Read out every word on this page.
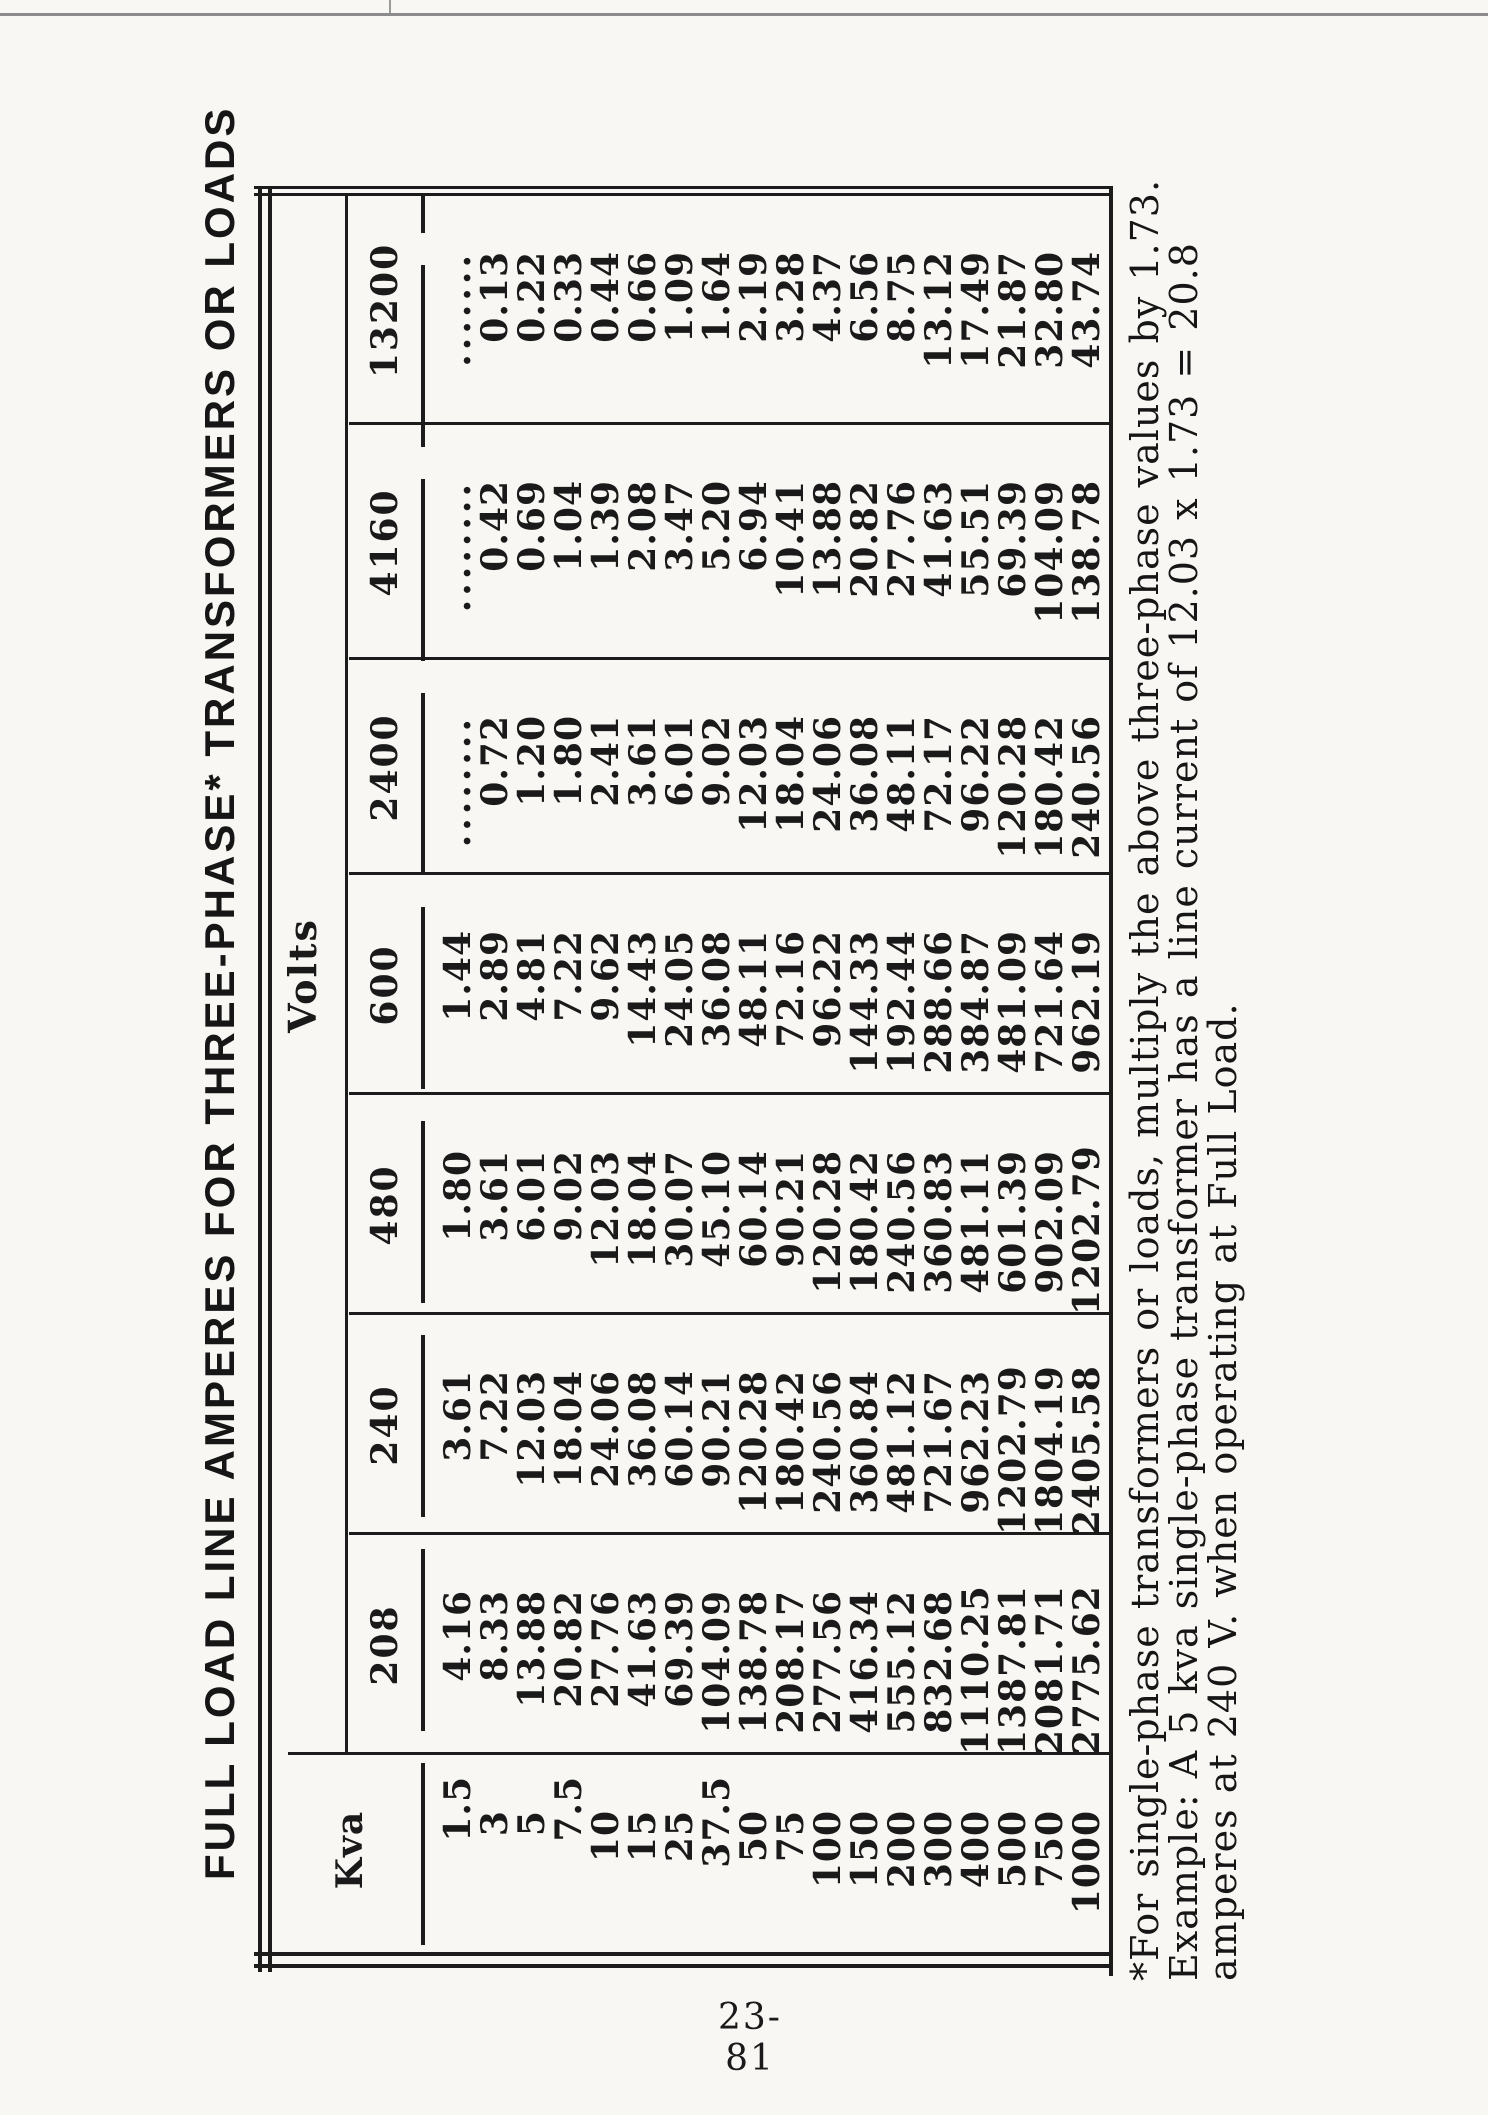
FULL LOAD LINE AMPERES FOR THREE-PHASE* TRANSFORMERS OR LOADS Volts
Kva
208
240
480
600
2400
4160
13200
1
.5
4.16
3.61
1.80
1.44
........
........
.......
3
8.33
7.22
3.61
2.89
0.72
0.42
0.13
5
13.88
12.03
6.01
4.81
1.20
0.69
0.22
7
.5
20.82
18.04
9.02
7.22
1.80
1.04
0.33
10
27.76
24.06
12.03
9.62
2.41
1.39
0.44
15
41.63
36.08
18.04
14.43
3.61
2.08
0.66
25
69.39
60.14
30.07
24.05
6.01
3.47
1.09
37
.5
104.09
90.21
45.10
36.08
9.02
5.20
1.64
50
138.78
120.28
60.14
48.11
12.03
6.94
2.19
75
208.17
180.42
90.21
72.16
18.04
10.41
3.28
100
277.56
240.56
120.28
96.22
24.06
13.88
4.37
150
416.34
360.84
180.42
144.33
36.08
20.82
6.56
200
555.12
481.12
240.56
192.44
48.11
27.76
8.75
300
832.68
721.67
360.83
288.66
72.17
41.63
13.12
400
1110.25
962.23
481.11
384.87
96.22
55.51
17.49
500
1387.81
1202.79
601.39
481.09
120.28
69.39
21.87
750
2081.71
1804.19
902.09
721.64
180.42
104.09
32.80
1000
2775.62
2405.58
1202.79
962.19
240.56
138.78
43.74 *For single-phase transformers or loads, multiply the above three-phase values by 1.73.
Example: A 5 kva single-phase transformer has a line current of 12.03 x 1.73 = 20.8
amperes at 240 V. when operating at Full Load.
23-81
